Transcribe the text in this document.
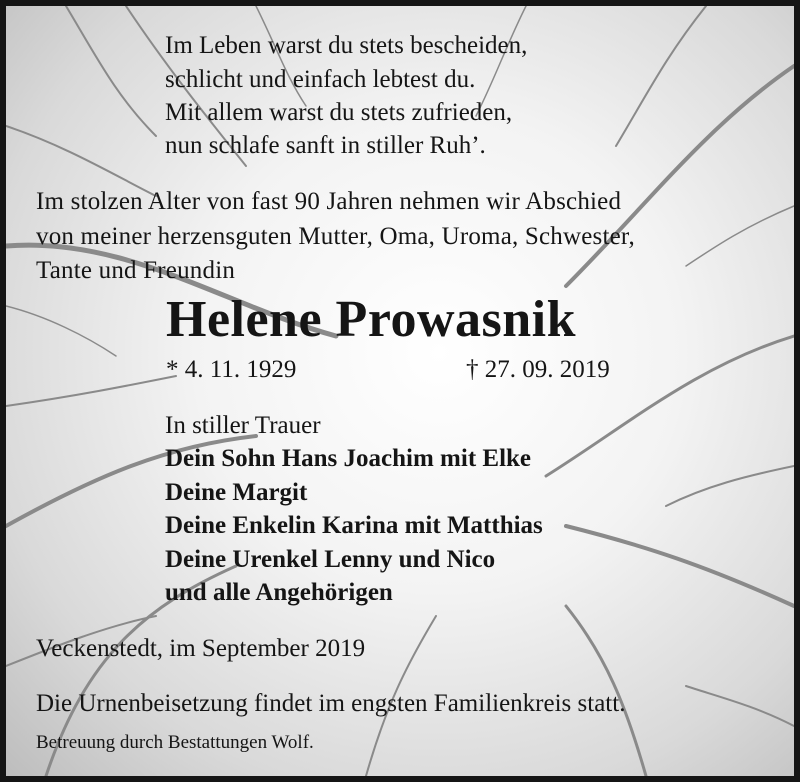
Im Leben warst du stets bescheiden,
schlicht und einfach lebtest du.
Mit allem warst du stets zufrieden,
nun schlafe sanft in stiller Ruh’.
Im stolzen Alter von fast 90 Jahren nehmen wir Abschied
von meiner herzensguten Mutter, Oma, Uroma, Schwester,
Tante und Freundin
Helene Prowasnik
* 4. 11. 1929	† 27. 09. 2019
In stiller Trauer
Dein Sohn Hans Joachim mit Elke
Deine Margit
Deine Enkelin Karina mit Matthias
Deine Urenkel Lenny und Nico
und alle Angehörigen
Veckenstedt, im September 2019
Die Urnenbeisetzung findet im engsten Familienkreis statt.
Betreuung durch Bestattungen Wolf.
